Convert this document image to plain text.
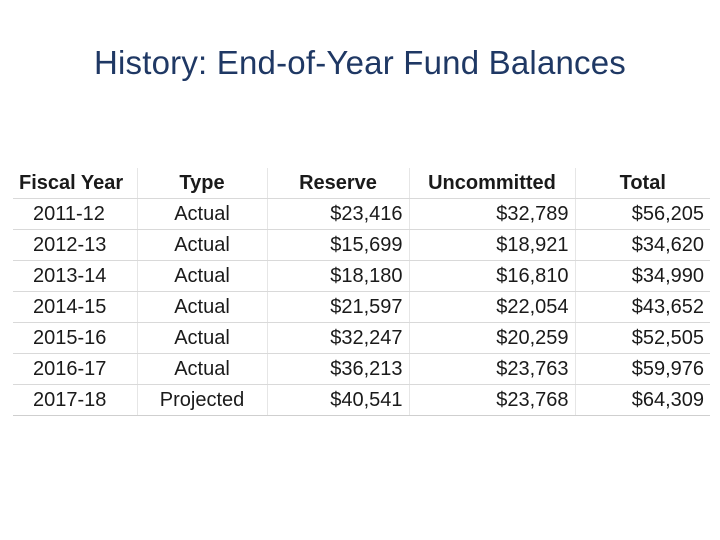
History: End-of-Year Fund Balances
Fiscal Year	Type	Reserve	Uncommitted	Total
2011-12	Actual	$23,416	$32,789	$56,205
2012-13	Actual	$15,699	$18,921	$34,620
2013-14	Actual	$18,180	$16,810	$34,990
2014-15	Actual	$21,597	$22,054	$43,652
2015-16	Actual	$32,247	$20,259	$52,505
2016-17	Actual	$36,213	$23,763	$59,976
2017-18	Projected	$40,541	$23,768	$64,309
